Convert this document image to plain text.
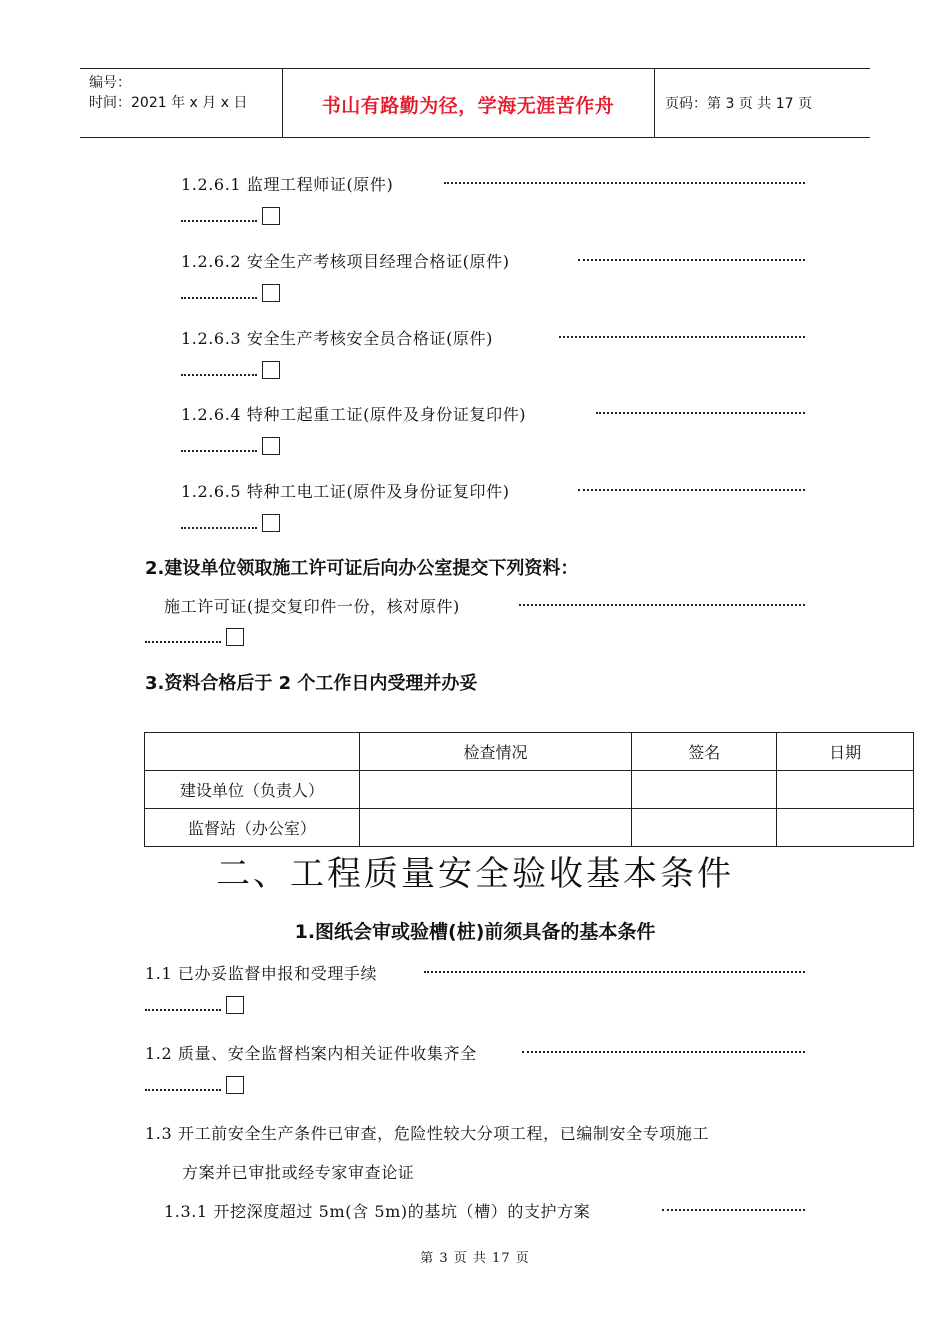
编号：
时间：2021 年 x 月 x 日	书山有路勤为径，学海无涯苦作舟	页码：第 3 页 共 17 页
1.2.6.1 监理工程师证(原件)
1.2.6.2 安全生产考核项目经理合格证(原件)
1.2.6.3 安全生产考核安全员合格证(原件)
1.2.6.4 特种工起重工证(原件及身份证复印件)
1.2.6.5 特种工电工证(原件及身份证复印件)
2.建设单位领取施工许可证后向办公室提交下列资料：
施工许可证(提交复印件一份，核对原件)
3.资料合格后于 2 个工作日内受理并办妥
	检查情况	签名	日期
建设单位（负责人）			
监督站（办公室）			
二、工程质量安全验收基本条件
1.图纸会审或验槽(桩)前须具备的基本条件
1.1 已办妥监督申报和受理手续
1.2 质量、安全监督档案内相关证件收集齐全
1.3 开工前安全生产条件已审查，危险性较大分项工程，已编制安全专项施工
方案并已审批或经专家审查论证
1.3.1 开挖深度超过 5m(含 5m)的基坑（槽）的支护方案
第 3 页 共 17 页
